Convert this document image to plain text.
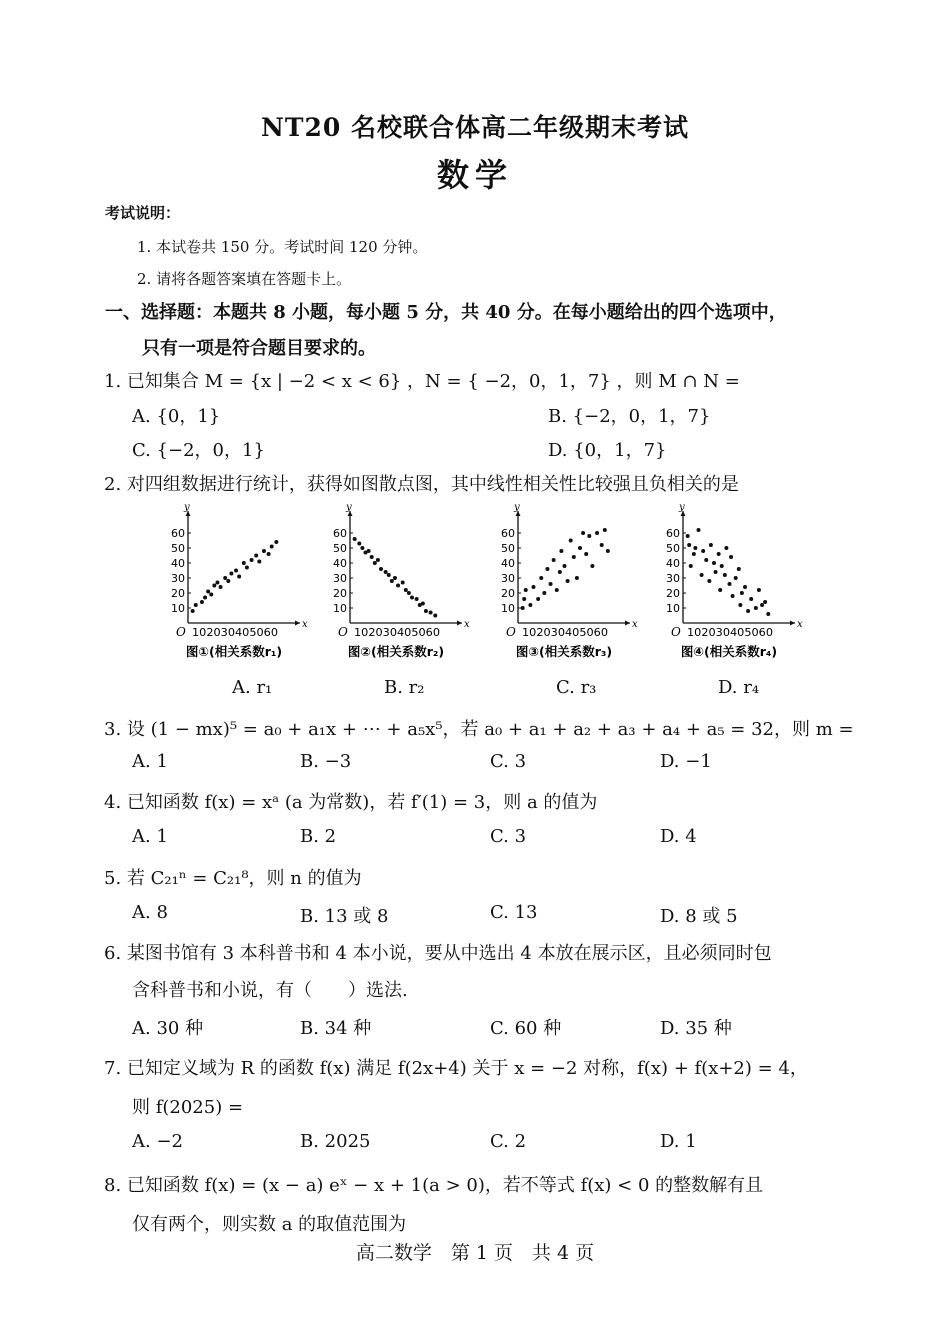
NT20 名校联合体高二年级期末考试
数学
考试说明：
1. 本试卷共 150 分。考试时间 120 分钟。
2. 请将各题答案填在答题卡上。
一、选择题：本题共 8 小题，每小题 5 分，共 40 分。在每小题给出的四个选项中，
只有一项是符合题目要求的。
1. 已知集合 M = {x | −2 < x < 6} ，N = { −2，0，1，7} ，则 M ∩ N =
A. {0，1}	B. {−2，0，1，7}
C. {−2，0，1}	D. {0，1，7}
2. 对四组数据进行统计，获得如图散点图，其中线性相关性比较强且负相关的是
y
x
60
50
40
30
20
10
O 102030405060
图①(相关系数r₁)
y
x
60
50
40
30
20
10
O 102030405060
图②(相关系数r₂)
y
x
60
50
40
30
20
10
O 102030405060
图③(相关系数r₃)
y
x
60
50
40
30
20
10
O 102030405060
图④(相关系数r₄)
A. r₁	B. r₂	C. r₃	D. r₄
3. 设 (1 − mx)⁵ = a₀ + a₁x + ⋯ + a₅x⁵，若 a₀ + a₁ + a₂ + a₃ + a₄ + a₅ = 32，则 m =
A. 1	B. −3	C. 3	D. −1
4. 已知函数 f(x) = xᵃ (a 为常数)，若 f′(1) = 3，则 a 的值为
A. 1	B. 2	C. 3	D. 4
5. 若 C₂₁ⁿ = C₂₁⁸，则 n 的值为
A. 8	B. 13 或 8	C. 13	D. 8 或 5
6. 某图书馆有 3 本科普书和 4 本小说，要从中选出 4 本放在展示区，且必须同时包
含科普书和小说，有（　　）选法.
A. 30 种	B. 34 种	C. 60 种	D. 35 种
7. 已知定义域为 R 的函数 f(x) 满足 f(2x+4) 关于 x = −2 对称，f(x) + f(x+2) = 4，
则 f(2025) =
A. −2	B. 2025	C. 2	D. 1
8. 已知函数 f(x) = (x − a) eˣ − x + 1(a > 0)，若不等式 f(x) < 0 的整数解有且
仅有两个，则实数 a 的取值范围为
高二数学　第 1 页　共 4 页
